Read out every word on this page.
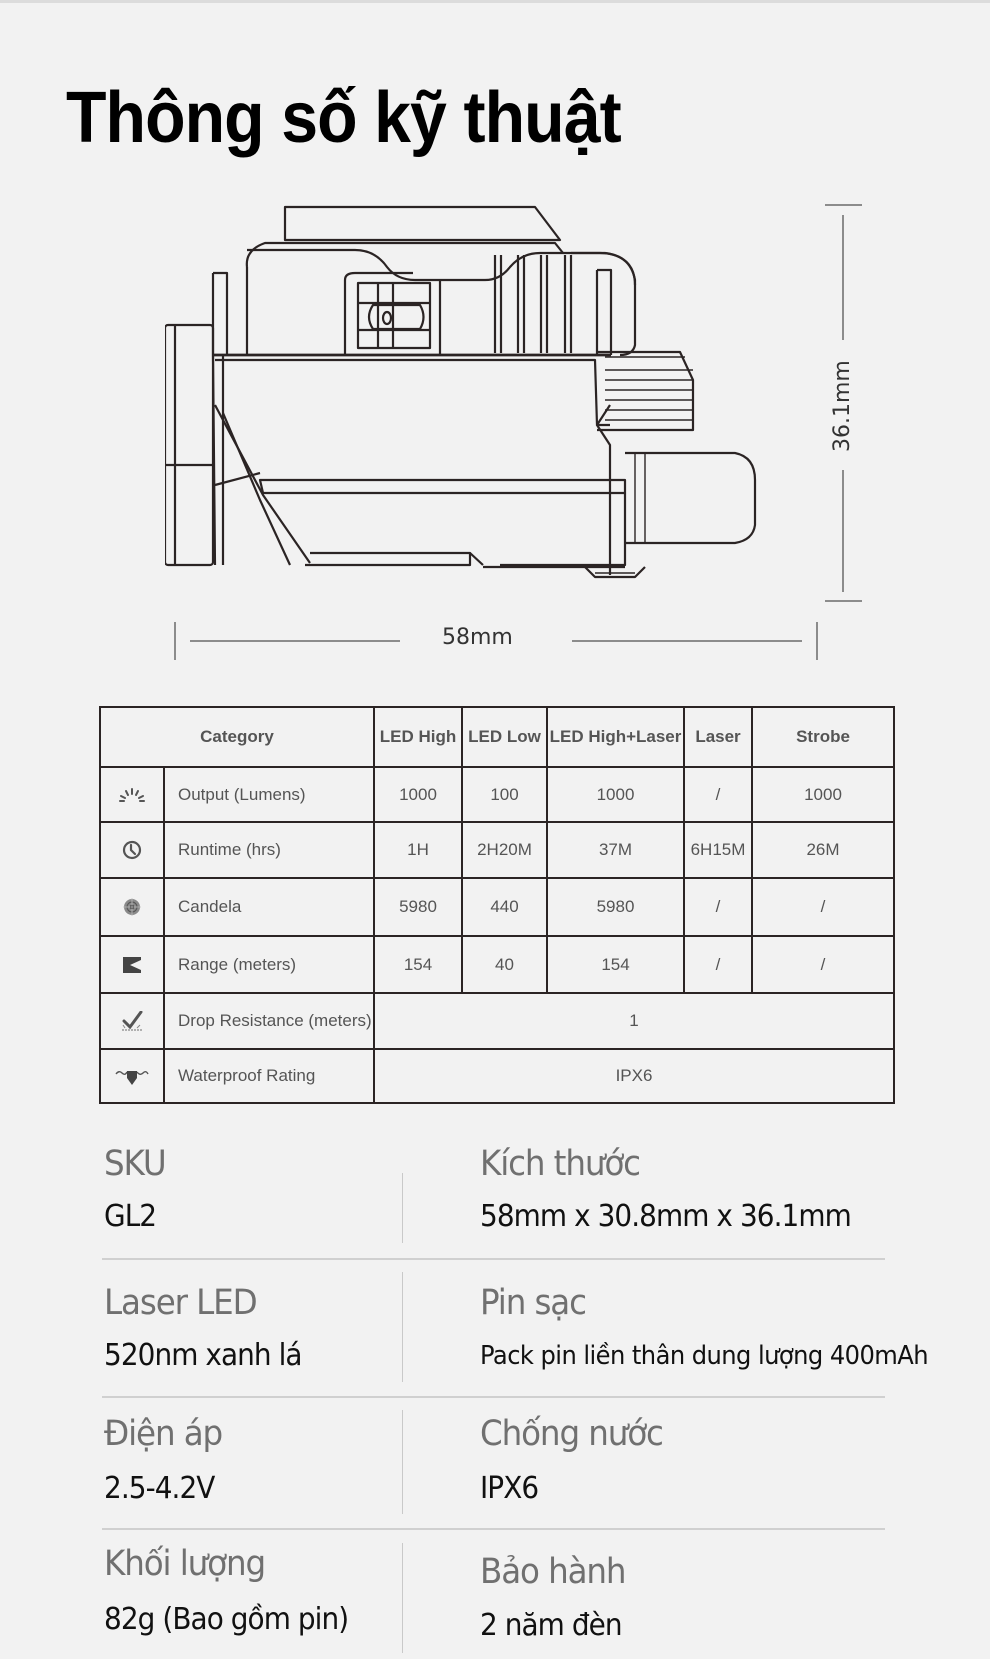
Thông số kỹ thuật
58mm
36.1mm
Category		LED High	LED Low	LED High+Laser	Laser	Strobe
	Output (Lumens)	1000	100	1000	/	1000
	Runtime (hrs)	1H	2H20M	37M	6H15M	26M
	Candela	5980	440	5980	/	/
	Range (meters)	154	40	154	/	/
	Drop Resistance (meters)	1				
	Waterproof Rating	IPX6				
SKU
GL2
Kích thước
58mm x 30.8mm x 36.1mm
Laser LED
520nm xanh lá
Pin sạc
Pack pin liền thân dung lượng 400mAh
Điện áp
2.5-4.2V
Chống nước
IPX6
Khối lượng
82g (Bao gồm pin)
Bảo hành
2 năm đèn
